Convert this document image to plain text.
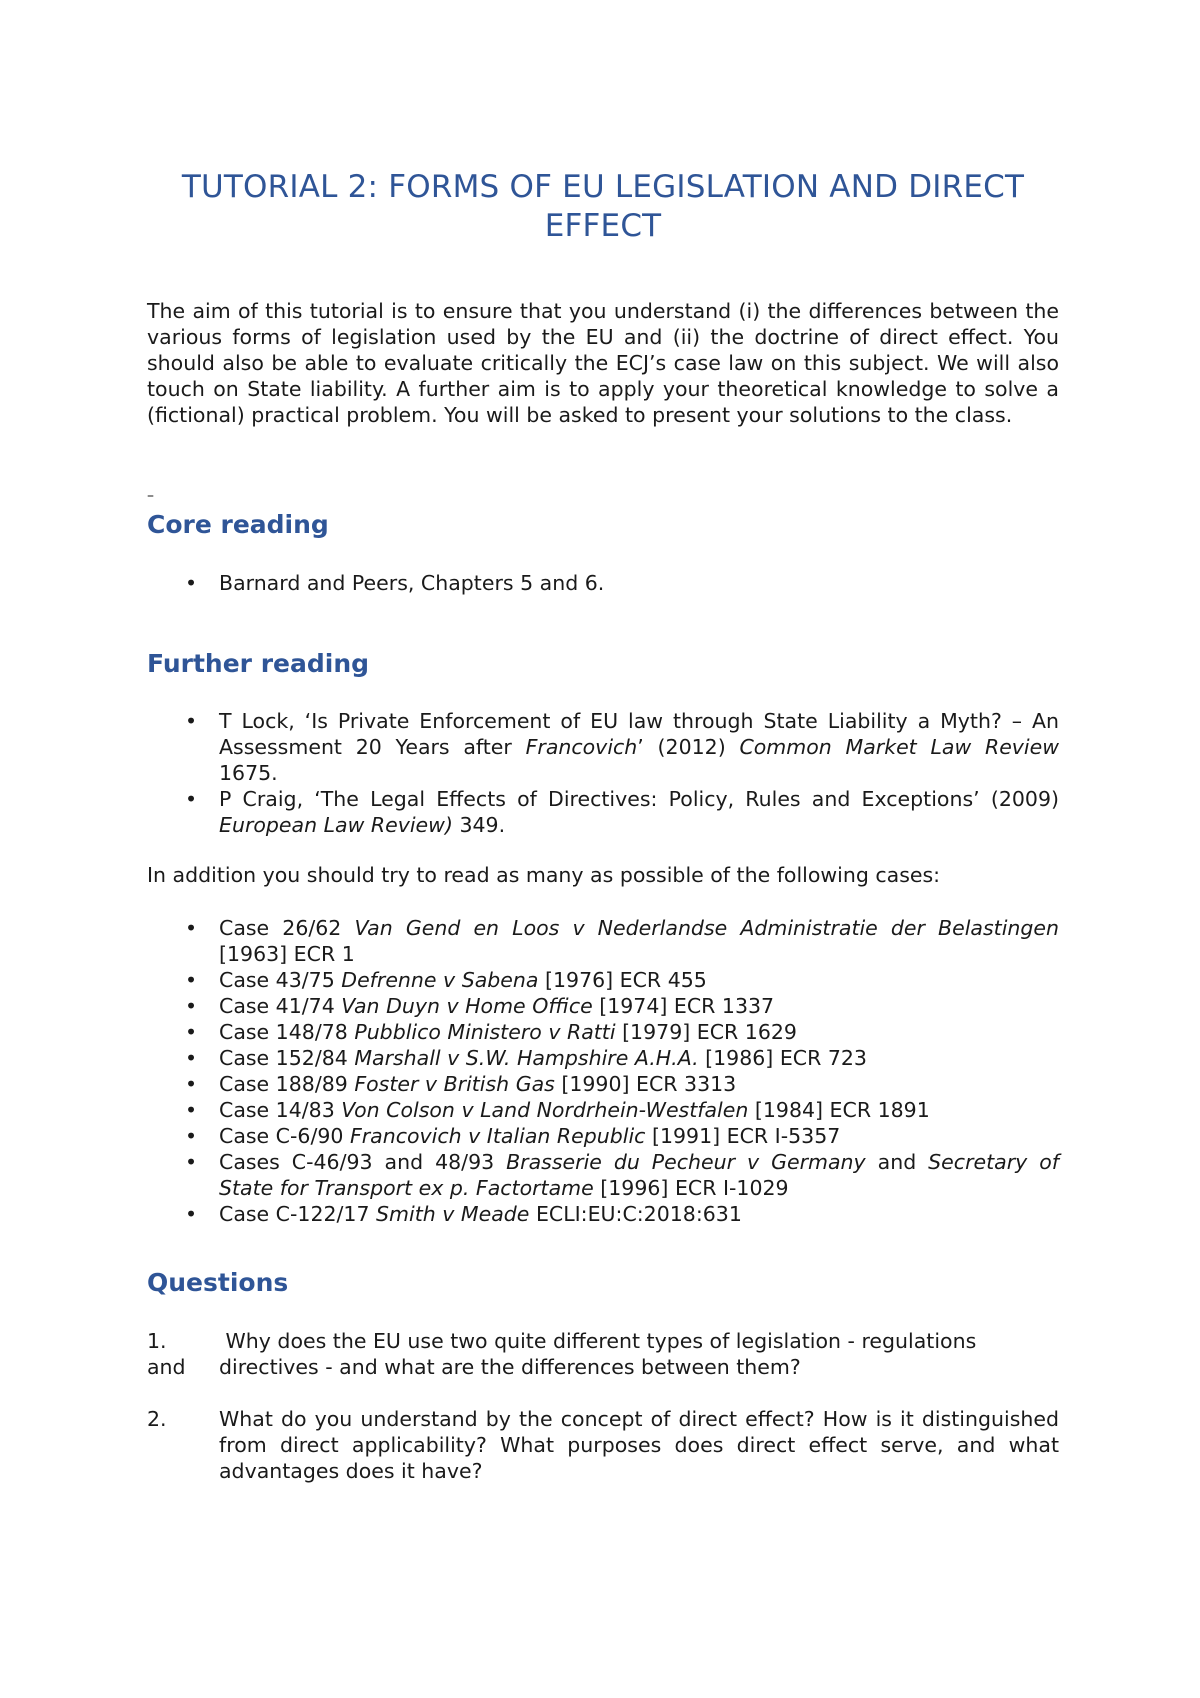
TUTORIAL 2: FORMS OF EU LEGISLATION AND DIRECT EFFECT

The aim of this tutorial is to ensure that you understand (i) the differences between the various forms of legislation used by the EU and (ii) the doctrine of direct effect. You should also be able to evaluate critically the ECJ’s case law on this subject. We will also touch on State liability. A further aim is to apply your theoretical knowledge to solve a (fictional) practical problem. You will be asked to present your solutions to the class.

–
Core reading
• Barnard and Peers, Chapters 5 and 6.
Further reading
• T Lock, ‘Is Private Enforcement of EU law through State Liability a Myth? – An Assessment 20 Years after Francovich’ (2012) Common Market Law Review 1675.
• P Craig, ‘The Legal Effects of Directives: Policy, Rules and Exceptions’ (2009) European Law Review) 349.

In addition you should try to read as many as possible of the following cases:

• Case 26/62 Van Gend en Loos v Nederlandse Administratie der Belastingen [1963] ECR 1
• Case 43/75 Defrenne v Sabena [1976] ECR 455
• Case 41/74 Van Duyn v Home Office [1974] ECR 1337
• Case 148/78 Pubblico Ministero v Ratti [1979] ECR 1629
• Case 152/84 Marshall v S.W. Hampshire A.H.A. [1986] ECR 723
• Case 188/89 Foster v British Gas [1990] ECR 3313
• Case 14/83 Von Colson v Land Nordrhein-Westfalen [1984] ECR 1891
• Case C-6/90 Francovich v Italian Republic [1991] ECR I-5357
• Cases C-46/93 and 48/93 Brasserie du Pecheur v Germany and Secretary of State for Transport ex p. Factortame [1996] ECR I-1029
• Case C-122/17 Smith v Meade ECLI:EU:C:2018:631
Questions
1.
and
Why does the EU use two quite different types of legislation - regulations
directives - and what are the differences between them?
2.	What do you understand by the concept of direct effect? How is it distinguished from direct applicability? What purposes does direct effect serve, and what advantages does it have?
